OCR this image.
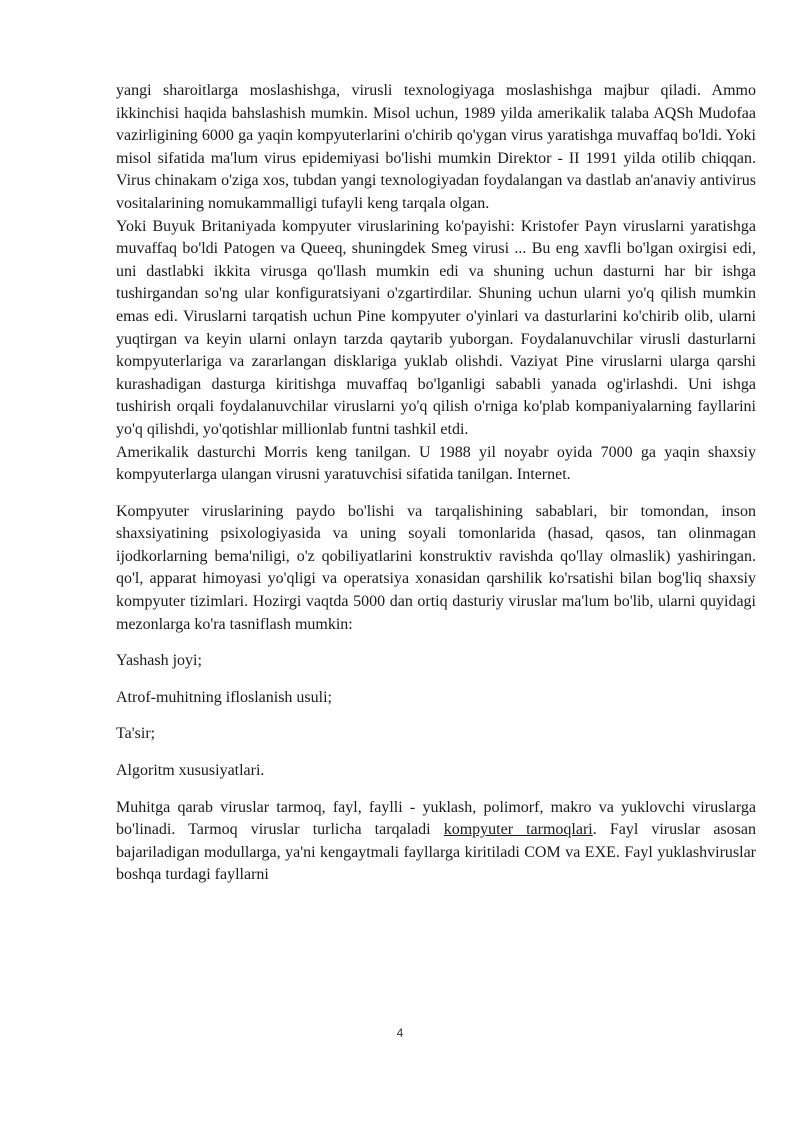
yangi sharoitlarga moslashishga, virusli texnologiyaga moslashishga majbur qiladi. Ammo ikkinchisi haqida bahslashish mumkin. Misol uchun, 1989 yilda amerikalik talaba AQSh Mudofaa vazirligining 6000 ga yaqin kompyuterlarini o'chirib qo'ygan virus yaratishga muvaffaq bo'ldi. Yoki misol sifatida ma'lum virus epidemiyasi bo'lishi mumkin Direktor - II 1991 yilda otilib chiqqan. Virus chinakam o'ziga xos, tubdan yangi texnologiyadan foydalangan va dastlab an'anaviy antivirus vositalarining nomukammalligi tufayli keng tarqala olgan.

Yoki Buyuk Britaniyada kompyuter viruslarining ko'payishi: Kristofer Payn viruslarni yaratishga muvaffaq bo'ldi Patogen va Queeq, shuningdek Smeg virusi ... Bu eng xavfli bo'lgan oxirgisi edi, uni dastlabki ikkita virusga qo'llash mumkin edi va shuning uchun dasturni har bir ishga tushirgandan so'ng ular konfiguratsiyani o'zgartirdilar. Shuning uchun ularni yo'q qilish mumkin emas edi. Viruslarni tarqatish uchun Pine kompyuter o'yinlari va dasturlarini ko'chirib olib, ularni yuqtirgan va keyin ularni onlayn tarzda qaytarib yuborgan. Foydalanuvchilar virusli dasturlarni kompyuterlariga va zararlangan disklariga yuklab olishdi. Vaziyat Pine viruslarni ularga qarshi kurashadigan dasturga kiritishga muvaffaq bo'lganligi sababli yanada og'irlashdi. Uni ishga tushirish orqali foydalanuvchilar viruslarni yo'q qilish o'rniga ko'plab kompaniyalarning fayllarini yo'q qilishdi, yo'qotishlar millionlab funtni tashkil etdi.

Amerikalik dasturchi Morris keng tanilgan. U 1988 yil noyabr oyida 7000 ga yaqin shaxsiy kompyuterlarga ulangan virusni yaratuvchisi sifatida tanilgan. Internet.

Kompyuter viruslarining paydo bo'lishi va tarqalishining sabablari, bir tomondan, inson shaxsiyatining psixologiyasida va uning soyali tomonlarida (hasad, qasos, tan olinmagan ijodkorlarning bema'niligi, o'z qobiliyatlarini konstruktiv ravishda qo'llay olmaslik) yashiringan. qo'l, apparat himoyasi yo'qligi va operatsiya xonasidan qarshilik ko'rsatishi bilan bog'liq shaxsiy kompyuter tizimlari. Hozirgi vaqtda 5000 dan ortiq dasturiy viruslar ma'lum bo'lib, ularni quyidagi mezonlarga ko'ra tasniflash mumkin:

Yashash joyi;

Atrof-muhitning ifloslanish usuli;

Ta'sir;

Algoritm xususiyatlari.

Muhitga qarab viruslar tarmoq, fayl, faylli - yuklash, polimorf, makro va yuklovchi viruslarga bo'linadi. Tarmoq viruslar turlicha tarqaladi kompyuter tarmoqlari. Fayl viruslar asosan bajariladigan modullarga, ya'ni kengaytmali fayllarga kiritiladi COM va EXE. Fayl yuklashviruslar boshqa turdagi fayllarni

4
